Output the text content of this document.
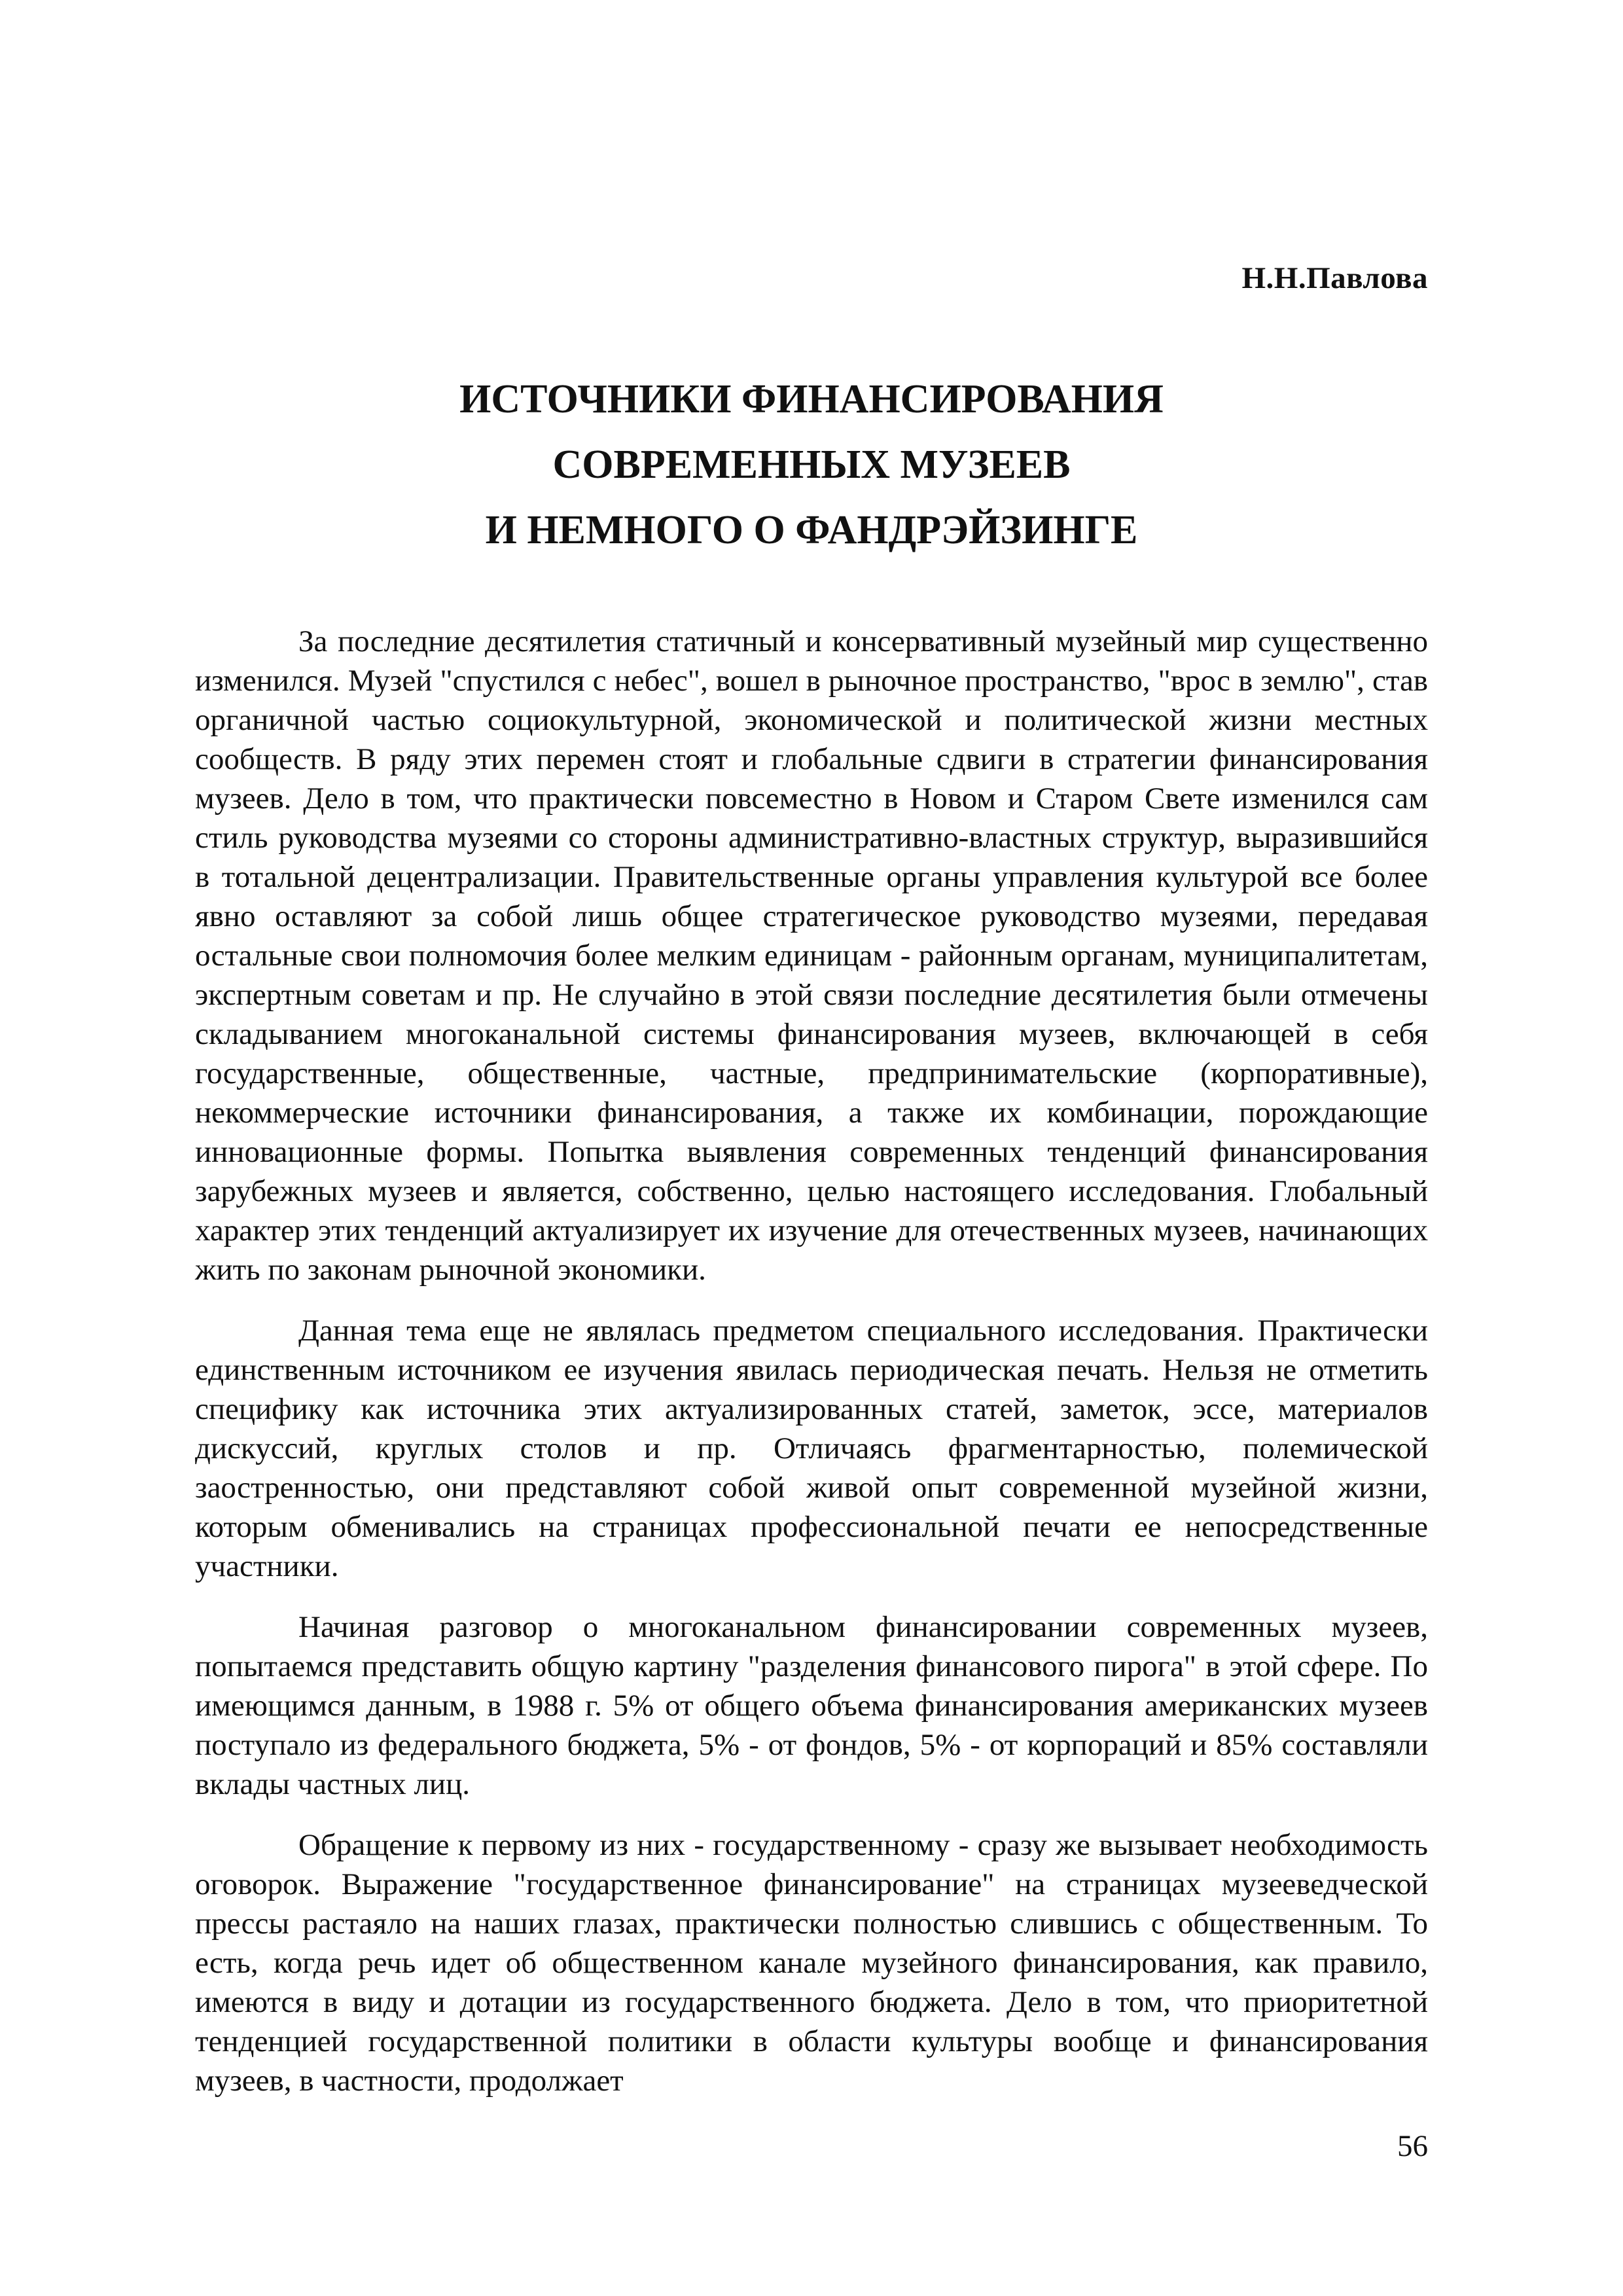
Н.Н.Павлова
ИСТОЧНИКИ ФИНАНСИРОВАНИЯ
СОВРЕМЕННЫХ МУЗЕЕВ
И НЕМНОГО О ФАНДРЭЙЗИНГЕ

За последние десятилетия статичный и консервативный музейный мир существенно изменился. Музей "спустился с небес", вошел в рыночное пространство, "врос в землю", став органичной частью социокультурной, экономической и политической жизни местных сообществ. В ряду этих перемен стоят и глобальные сдвиги в стратегии финансирования музеев. Дело в том, что практически повсеместно в Новом и Старом Свете изменился сам стиль руководства музеями со стороны административно-властных структур, выразившийся в тотальной децентрализации. Правительственные органы управления культурой все более явно оставляют за собой лишь общее стратегическое руководство музеями, передавая остальные свои полномочия более мелким единицам - районным органам, муниципалитетам, экспертным советам и пр. Не случайно в этой связи последние десятилетия были отмечены складыванием многоканальной системы финансирования музеев, включающей в себя государственные, общественные, частные, предпринимательские (корпоративные), некоммерческие источники финансирования, а также их комбинации, порождающие инновационные формы. Попытка выявления современных тенденций финансирования зарубежных музеев и является, собственно, целью настоящего исследования. Глобальный характер этих тенденций актуализирует их изучение для отечественных музеев, начинающих жить по законам рыночной экономики.

Данная тема еще не являлась предметом специального исследования. Практически единственным источником ее изучения явилась периодическая печать. Нельзя не отметить специфику как источника этих актуализированных статей, заметок, эссе, материалов дискуссий, круглых столов и пр. Отличаясь фрагментарностью, полемической заостренностью, они представляют собой живой опыт современной музейной жизни, которым обменивались на страницах профессиональной печати ее непосредственные участники.

Начиная разговор о многоканальном финансировании современных музеев, попытаемся представить общую картину "разделения финансового пирога" в этой сфере. По имеющимся данным, в 1988 г. 5% от общего объема финансирования американских музеев поступало из федерального бюджета, 5% - от фондов, 5% - от корпораций и 85% составляли вклады частных лиц.

Обращение к первому из них - государственному - сразу же вызывает необходимость оговорок. Выражение "государственное финансирование" на страницах музееведческой прессы растаяло на наших глазах, практически полностью слившись с общественным. То есть, когда речь идет об общественном канале музейного финансирования, как правило, имеются в виду и дотации из государственного бюджета. Дело в том, что приоритетной тенденцией государственной политики в области культуры вообще и финансирования музеев, в частности, продолжает

56
